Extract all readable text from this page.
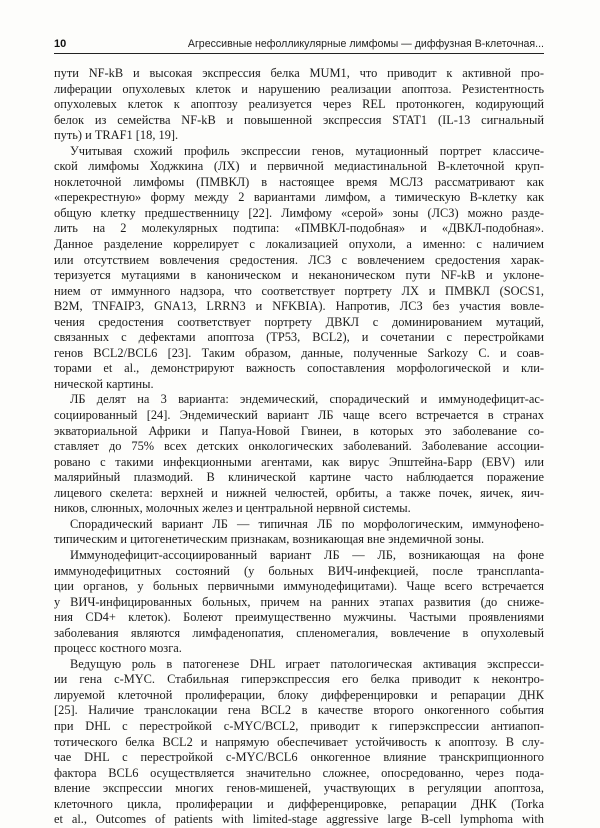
10	Агрессивные нефолликулярные лимфомы — диффузная В-клеточная...
пути NF-kB и высокая экспрессия белка MUM1, что приводит к активной про-
лиферации опухолевых клеток и нарушению реализации апоптоза. Резистентность
опухолевых клеток к апоптозу реализуется через REL протонкоген, кодирующий
белок из семейства NF-kB и повышенной экспрессия STAT1 (IL-13 сигнальный
путь) и TRAF1 [18, 19].
Учитывая схожий профиль экспрессии генов, мутационный портрет классиче-
ской лимфомы Ходжкина (ЛХ) и первичной медиастинальной В-клеточной круп-
ноклеточной лимфомы (ПМВКЛ) в настоящее время МСЛЗ рассматривают как
«перекрестную» форму между 2 вариантами лимфом, а тимическую В-клетку как
общую клетку предшественницу [22]. Лимфому «серой» зоны (ЛСЗ) можно разде-
лить на 2 молекулярных подтипа: «ПМВКЛ-подобная» и «ДВКЛ-подобная».
Данное разделение коррелирует с локализацией опухоли, а именно: с наличием
или отсутствием вовлечения средостения. ЛСЗ с вовлечением средостения харак-
теризуется мутациями в каноническом и неканоническом пути NF-kB и уклоне-
нием от иммунного надзора, что соответствует портрету ЛХ и ПМВКЛ (SOCS1,
B2M, TNFAIP3, GNA13, LRRN3 и NFKBIA). Напротив, ЛСЗ без участия вовле-
чения средостения соответствует портрету ДВКЛ с доминированием мутаций,
связанных с дефектами апоптоза (TP53, BCL2), и сочетании с перестройками
генов BCL2/BCL6 [23]. Таким образом, данные, полученные Sarkozy C. и соав-
торами et al., демонстрируют важность сопоставления морфологической и кли-
нической картины.
ЛБ делят на 3 варианта: эндемический, спорадический и иммунодефицит-ас-
социированный [24]. Эндемический вариант ЛБ чаще всего встречается в странах
экваториальной Африки и Папуа-Новой Гвинеи, в которых это заболевание со-
ставляет до 75% всех детских онкологических заболеваний. Заболевание ассоции-
ровано с такими инфекционными агентами, как вирус Эпштейна-Барр (EBV) или
малярийный плазмодий. В клинической картине часто наблюдается поражение
лицевого скелета: верхней и нижней челюстей, орбиты, а также почек, яичек, яич-
ников, слюнных, молочных желез и центральной нервной системы.
Спорадический вариант ЛБ — типичная ЛБ по морфологическим, иммунофено-
типическим и цитогенетическим признакам, возникающая вне эндемичной зоны.
Иммунодефицит-ассоциированный вариант ЛБ — ЛБ, возникающая на фоне
иммунодефицитных состояний (у больных ВИЧ-инфекцией, после трансплanta-
ции органов, у больных первичными иммунодефицитами). Чаще всего встречается
у ВИЧ-инфицированных больных, причем на ранних этапах развития (до сниже-
ния CD4+ клеток). Болеют преимущественно мужчины. Частыми проявлениями
заболевания являются лимфаденопатия, спленомегалия, вовлечение в опухолевый
процесс костного мозга.
Ведущую роль в патогенезе DHL играет патологическая активация экспресси-
ии гена c-MYC. Стабильная гиперэкспрессия его белка приводит к неконтро-
лируемой клеточной пролиферации, блоку дифференцировки и репарации ДНК
[25]. Наличие транслокации гена BCL2 в качестве второго онкогенного события
при DHL с перестройкой c-MYC/BCL2, приводит к гиперэкспрессии антиапоп-
тотического белка BCL2 и напрямую обеспечивает устойчивость к апоптозу. В слу-
чае DHL с перестройкой c-MYC/BCL6 онкогенное влияние транскрипционного
фактора BCL6 осуществляется значительно сложнее, опосредованно, через пода-
вление экспрессии многих генов-мишеней, участвующих в регуляции апоптоза,
клеточного цикла, пролиферации и дифференцировке, репарации ДНК (Torka
et al., Outcomes of patients with limited-stage aggressive large B-cell lymphoma with
